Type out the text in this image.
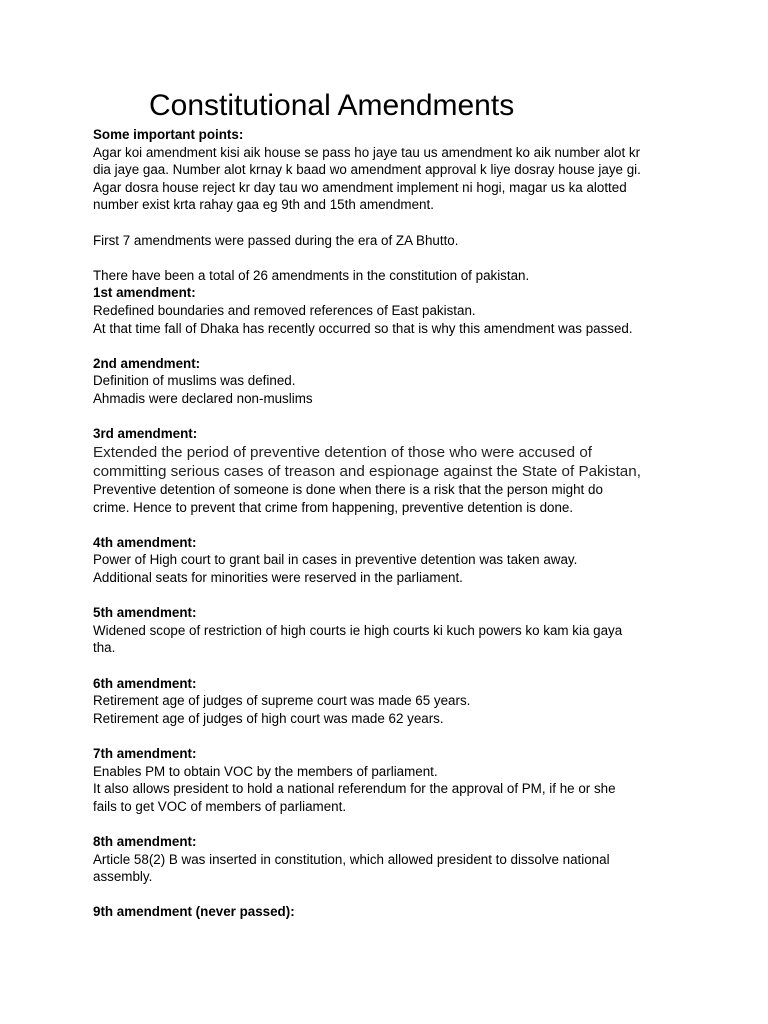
Constitutional Amendments
Some important points:
Agar koi amendment kisi aik house se pass ho jaye tau us amendment ko aik number alot kr
dia jaye gaa. Number alot krnay k baad wo amendment approval k liye dosray house jaye gi.
Agar dosra house reject kr day tau wo amendment implement ni hogi, magar us ka alotted
number exist krta rahay gaa eg 9th and 15th amendment.
First 7 amendments were passed during the era of ZA Bhutto.
There have been a total of 26 amendments in the constitution of pakistan.
1st amendment:
Redefined boundaries and removed references of East pakistan.
At that time fall of Dhaka has recently occurred so that is why this amendment was passed.
2nd amendment:
Definition of muslims was defined.
Ahmadis were declared non-muslims
3rd amendment:
Extended the period of preventive detention of those who were accused of
committing serious cases of treason and espionage against the State of Pakistan,
Preventive detention of someone is done when there is a risk that the person might do
crime. Hence to prevent that crime from happening, preventive detention is done.
4th amendment:
Power of High court to grant bail in cases in preventive detention was taken away.
Additional seats for minorities were reserved in the parliament.
5th amendment:
Widened scope of restriction of high courts ie high courts ki kuch powers ko kam kia gaya
tha.
6th amendment:
Retirement age of judges of supreme court was made 65 years.
Retirement age of judges of high court was made 62 years.
7th amendment:
Enables PM to obtain VOC by the members of parliament.
It also allows president to hold a national referendum for the approval of PM, if he or she
fails to get VOC of members of parliament.
8th amendment:
Article 58(2) B was inserted in constitution, which allowed president to dissolve national
assembly.
9th amendment (never passed):
